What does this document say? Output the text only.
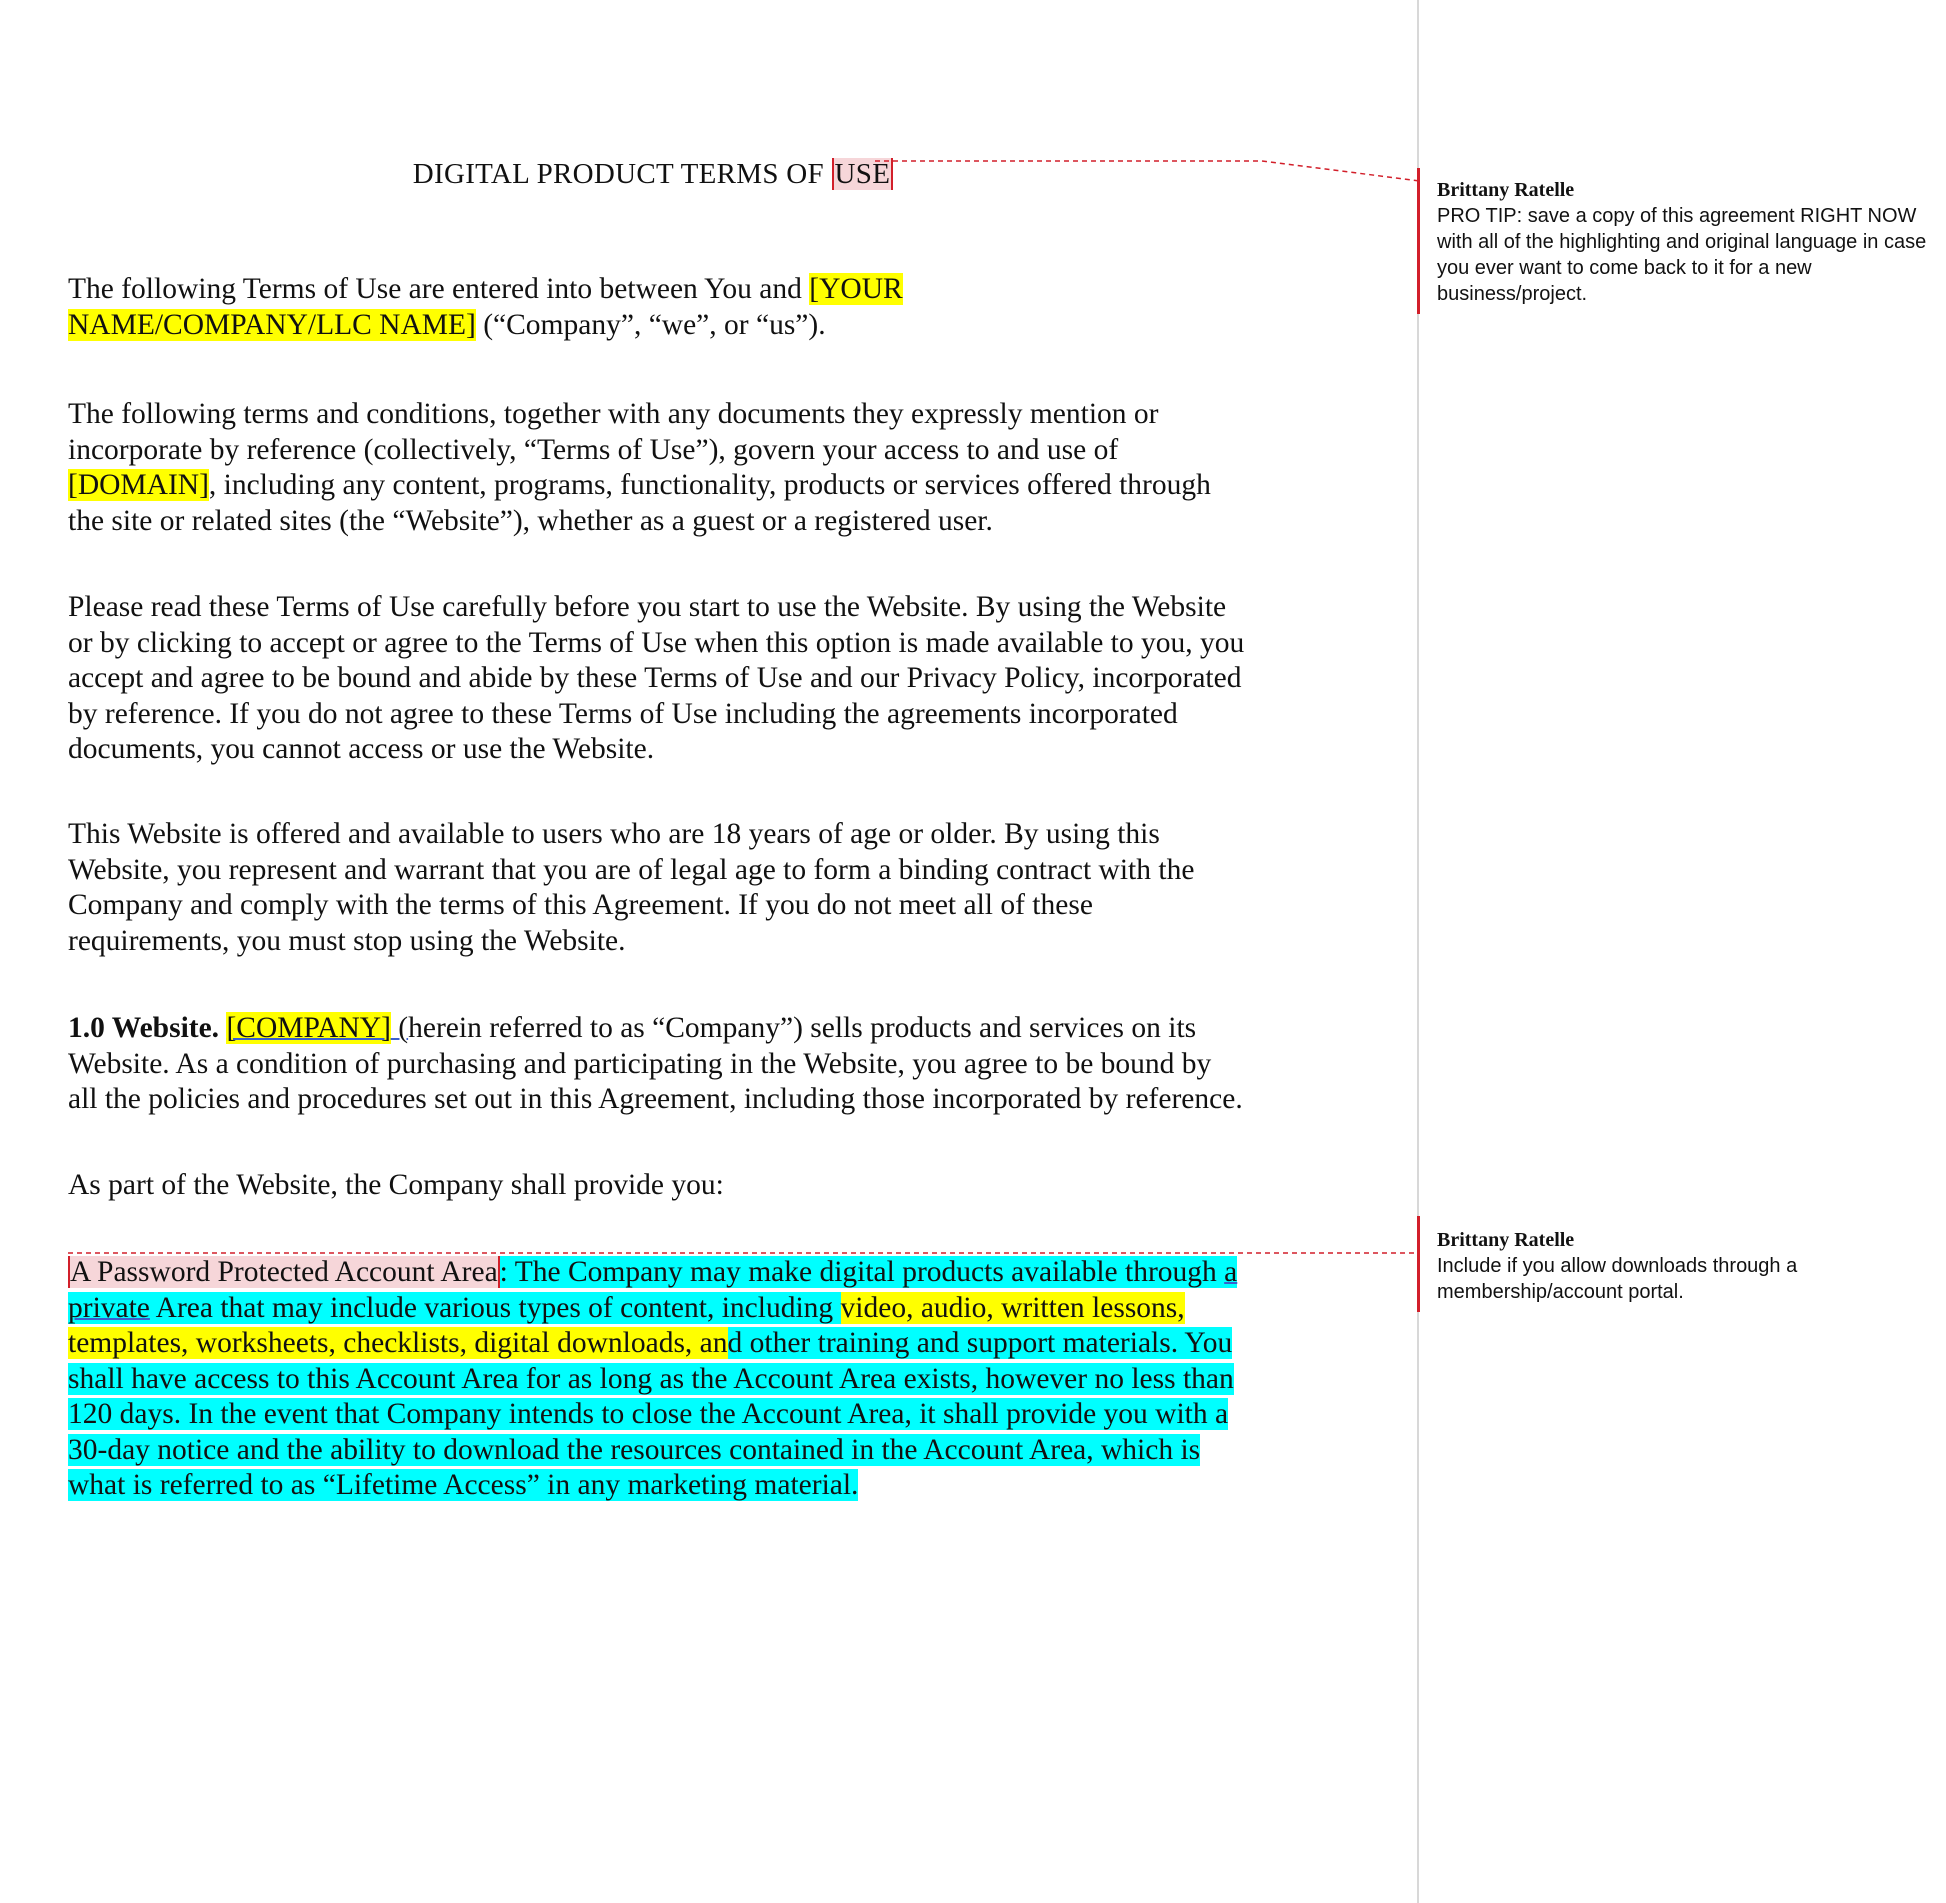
DIGITAL PRODUCT TERMS OF USE

The following Terms of Use are entered into between You and [YOUR
NAME/COMPANY/LLC NAME] (“Company”, “we”, or “us”).

The following terms and conditions, together with any documents they expressly mention or incorporate by reference (collectively, “Terms of Use”), govern your access to and use of [DOMAIN], including any content, programs, functionality, products or services offered through the site or related sites (the “Website”), whether as a guest or a registered user.

Please read these Terms of Use carefully before you start to use the Website. By using the Website or by clicking to accept or agree to the Terms of Use when this option is made available to you, you accept and agree to be bound and abide by these Terms of Use and our Privacy Policy, incorporated by reference. If you do not agree to these Terms of Use including the agreements incorporated documents, you cannot access or use the Website.

This Website is offered and available to users who are 18 years of age or older. By using this Website, you represent and warrant that you are of legal age to form a binding contract with the Company and comply with the terms of this Agreement. If you do not meet all of these requirements, you must stop using the Website.

1.0 Website. [COMPANY] (herein referred to as “Company”) sells products and services on its Website. As a condition of purchasing and participating in the Website, you agree to be bound by all the policies and procedures set out in this Agreement, including those incorporated by reference.

As part of the Website, the Company shall provide you:

A Password Protected Account Area: The Company may make digital products available through a private Area that may include various types of content, including video, audio, written lessons, templates, worksheets, checklists, digital downloads, and other training and support materials. You shall have access to this Account Area for as long as the Account Area exists, however no less than 120 days. In the event that Company intends to close the Account Area, it shall provide you with a 30-day notice and the ability to download the resources contained in the Account Area, which is what is referred to as “Lifetime Access” in any marketing material.

Brittany Ratelle
PRO TIP: save a copy of this agreement RIGHT NOW
with all of the highlighting and original language in case
you ever want to come back to it for a new
business/project.
Brittany Ratelle
Include if you allow downloads through a
membership/account portal.
